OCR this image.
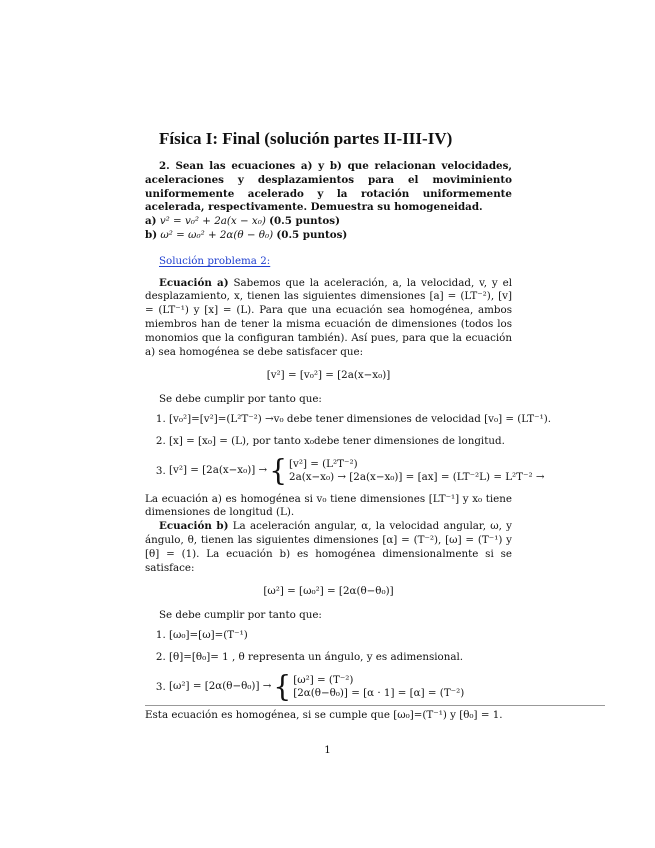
Física I: Final (solución partes II-III-IV)

2. Sean las ecuaciones a) y b) que relacionan velocidades, aceleraciones y desplazamientos para el moviminiento uniformemente acelerado y la rotación uniformemente acelerada, respectivamente. Demuestra su homogeneidad.

a) v² = v₀² + 2a(x − x₀) (0.5 puntos)
b) ω² = ω₀² + 2α(θ − θ₀) (0.5 puntos)
Solución problema 2:

Ecuación a) Sabemos que la aceleración, a, la velocidad, v, y el desplazamiento, x, tienen las siguientes dimensiones [a] = (LT⁻²), [v] = (LT⁻¹) y [x] = (L). Para que una ecuación sea homogénea, ambos miembros han de tener la misma ecuación de dimensiones (todos los monomios que la configuran también). Así pues, para que la ecuación a) sea homogénea se debe satisfacer que:

[v²] = [v₀²] = [2a(x−x₀)]

Se debe cumplir por tanto que:

1. [v₀²]=[v²]=(L²T⁻²) →v₀ debe tener dimensiones de velocidad [v₀] = (LT⁻¹).
2. [x] = [x₀] = (L), por tanto x₀debe tener dimensiones de longitud.
3. [v²] = [2a(x−x₀)] → { [v²] = (L²T⁻²)
2a(x−x₀) → [2a(x−x₀)] = [ax] = (LT⁻²L) = L²T⁻² →

La ecuación a) es homogénea si v₀ tiene dimensiones [LT⁻¹] y x₀ tiene dimensiones de longitud (L).

Ecuación b) La aceleración angular, α, la velocidad angular, ω, y ángulo, θ, tienen las siguientes dimensiones [α] = (T⁻²), [ω] = (T⁻¹) y [θ] = (1). La ecuación b) es homogénea dimensionalmente si se satisface:

[ω²] = [ω₀²] = [2α(θ−θ₀)]

Se debe cumplir por tanto que:

1. [ω₀]=[ω]=(T⁻¹)
2. [θ]=[θ₀]= 1 , θ representa un ángulo, y es adimensional.
3. [ω²] = [2α(θ−θ₀)] → { [ω²] = (T⁻²)
[2α(θ−θ₀)] = [α · 1] = [α] = (T⁻²)

Esta ecuación es homogénea, si se cumple que [ω₀]=(T⁻¹) y [θ₀] = 1.

1
